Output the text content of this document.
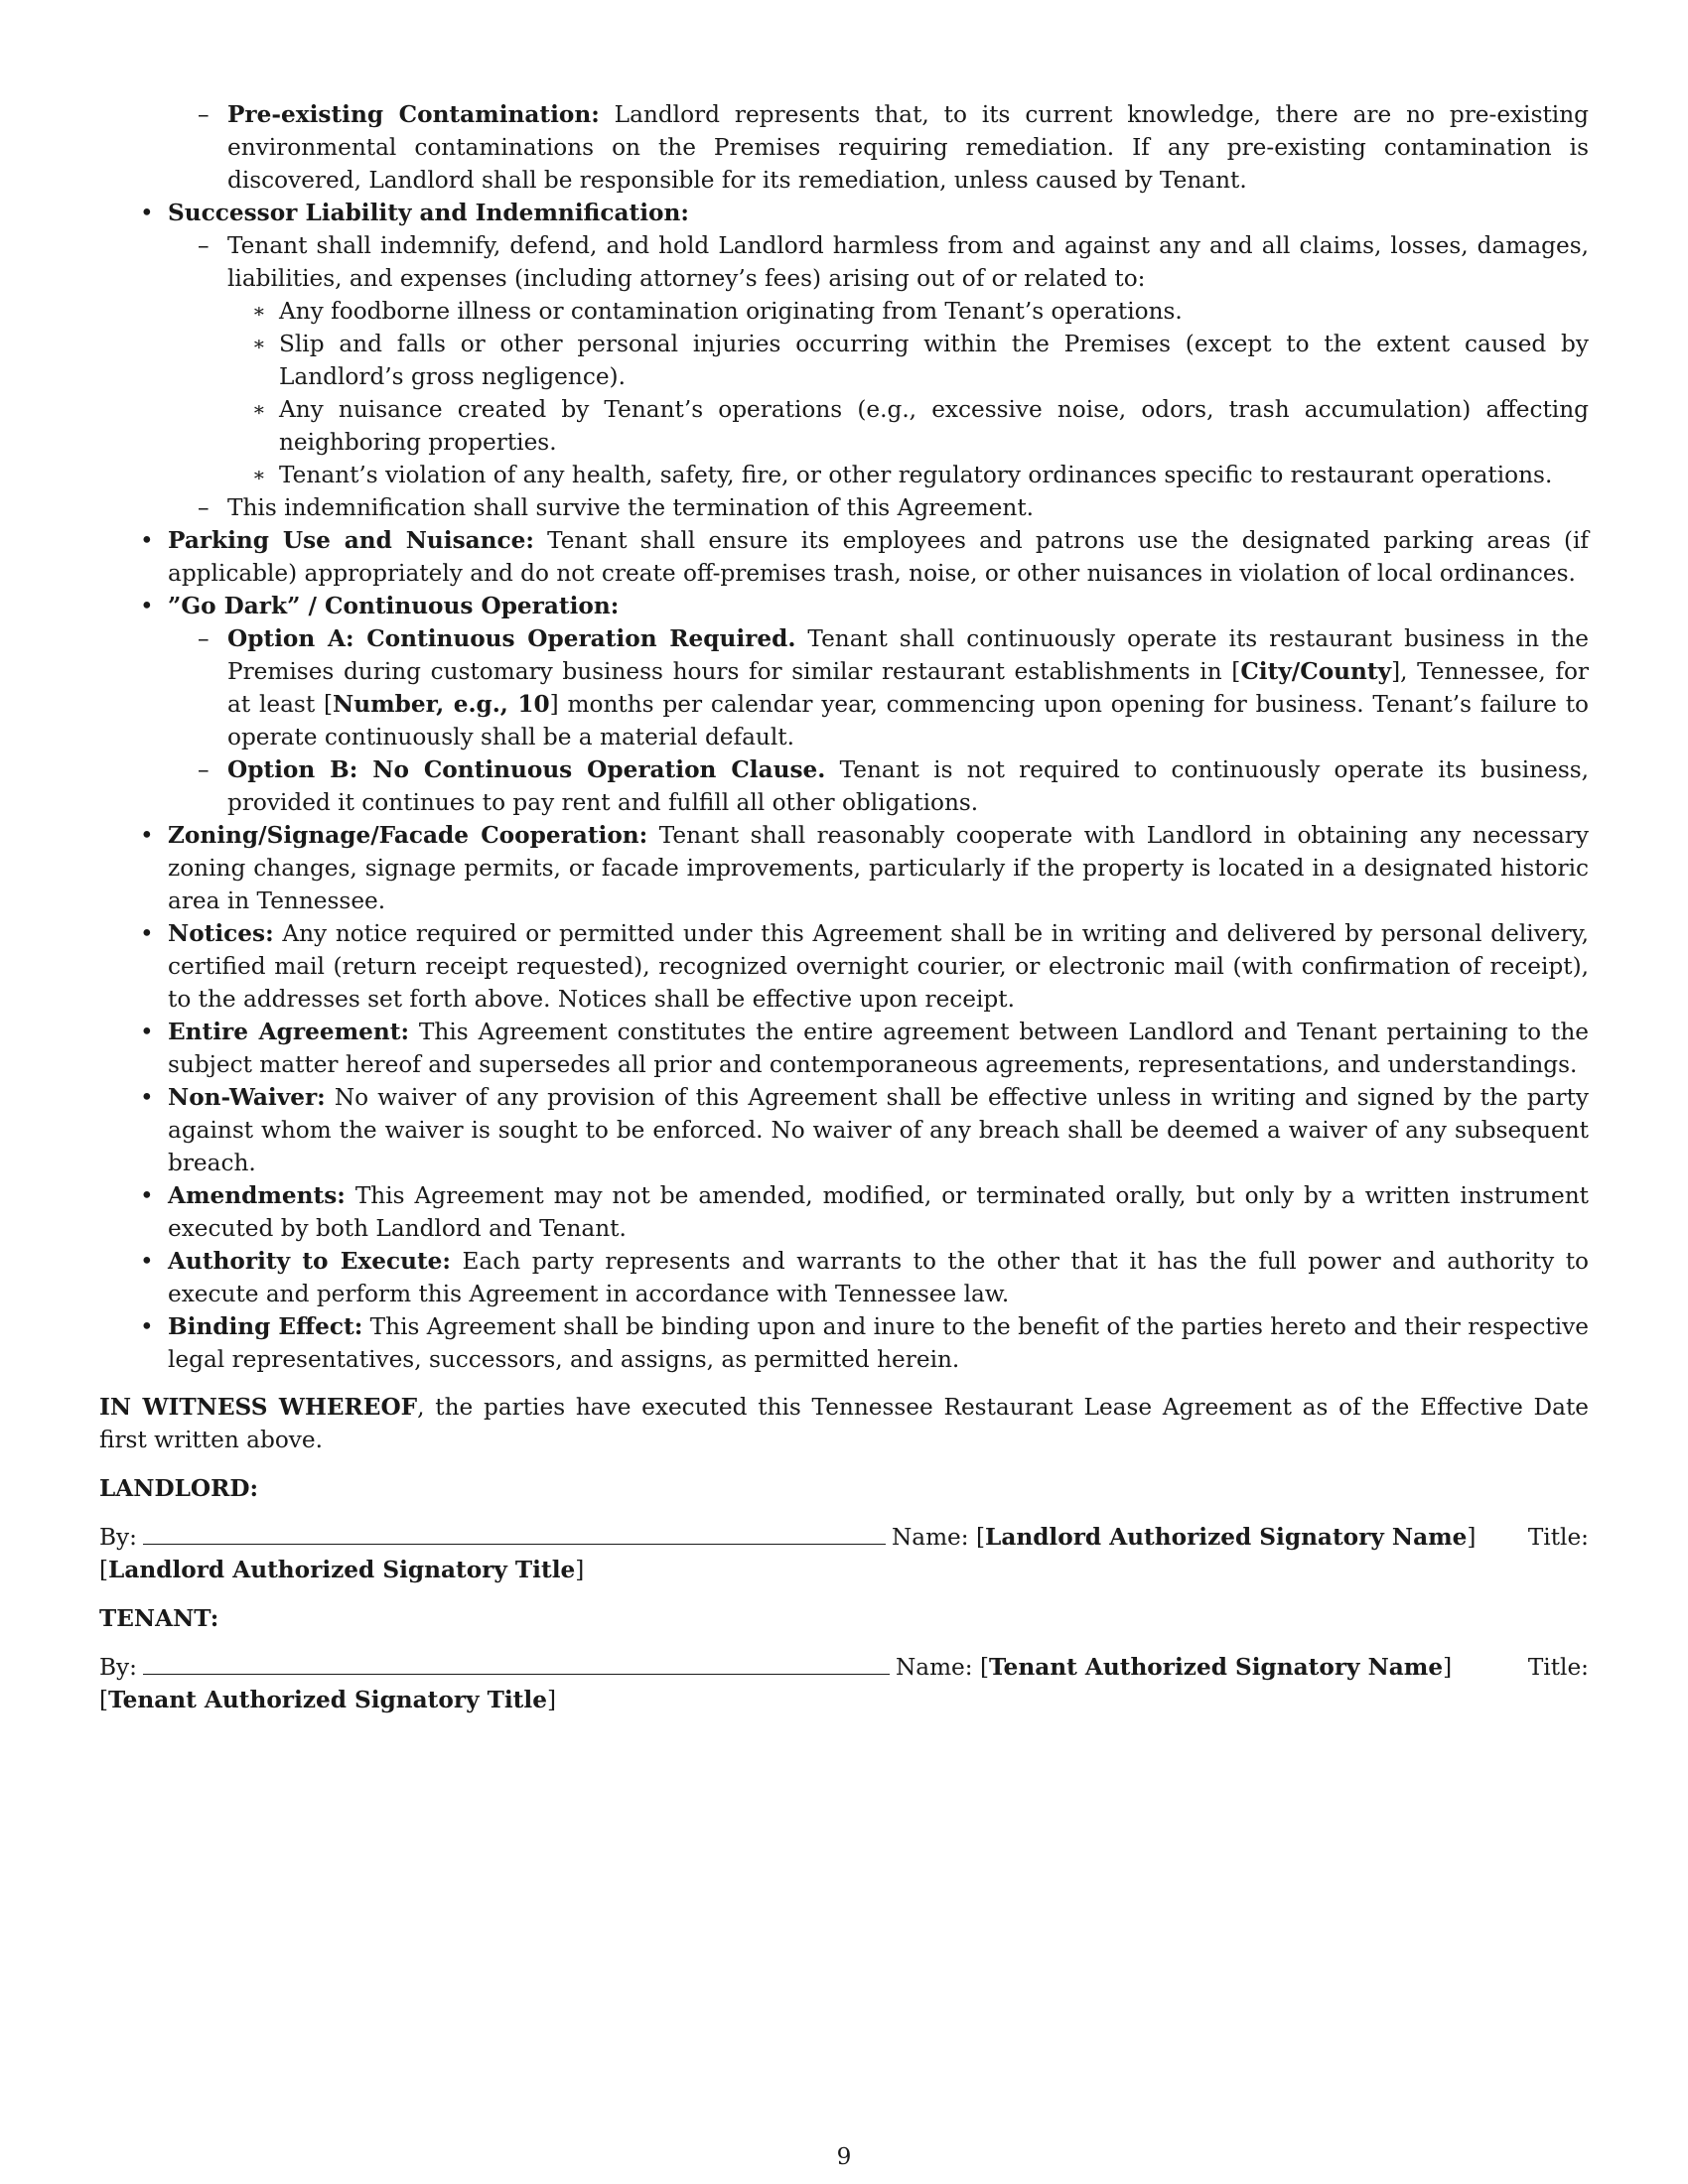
– Pre-existing Contamination: Landlord represents that, to its current knowledge, there are no pre-existing environmental contaminations on the Premises requiring remediation. If any pre-existing contamination is discovered, Landlord shall be responsible for its remediation, unless caused by Tenant.
• Successor Liability and Indemnification:
– Tenant shall indemnify, defend, and hold Landlord harmless from and against any and all claims, losses, damages, liabilities, and expenses (including attorney’s fees) arising out of or related to:
∗ Any foodborne illness or contamination originating from Tenant’s operations.
∗ Slip and falls or other personal injuries occurring within the Premises (except to the extent caused by Landlord’s gross negligence).
∗ Any nuisance created by Tenant’s operations (e.g., excessive noise, odors, trash accumulation) affecting neighboring properties.
∗ Tenant’s violation of any health, safety, fire, or other regulatory ordinances specific to restaurant operations.
– This indemnification shall survive the termination of this Agreement.
• Parking Use and Nuisance: Tenant shall ensure its employees and patrons use the designated parking areas (if applicable) appropriately and do not create off-premises trash, noise, or other nuisances in violation of local ordinances.
• ”Go Dark” / Continuous Operation:
– Option A: Continuous Operation Required. Tenant shall continuously operate its restaurant business in the Premises during customary business hours for similar restaurant establishments in [City/County], Tennessee, for at least [Number, e.g., 10] months per calendar year, commencing upon opening for business. Tenant’s failure to operate continuously shall be a material default.
– Option B: No Continuous Operation Clause. Tenant is not required to continuously operate its business, provided it continues to pay rent and fulfill all other obligations.
• Zoning/Signage/Facade Cooperation: Tenant shall reasonably cooperate with Landlord in obtaining any necessary zoning changes, signage permits, or facade improvements, particularly if the property is located in a designated historic area in Tennessee.
• Notices: Any notice required or permitted under this Agreement shall be in writing and delivered by personal delivery, certified mail (return receipt requested), recognized overnight courier, or electronic mail (with confirmation of receipt), to the addresses set forth above. Notices shall be effective upon receipt.
• Entire Agreement: This Agreement constitutes the entire agreement between Landlord and Tenant pertaining to the subject matter hereof and supersedes all prior and contemporaneous agreements, representations, and understandings.
• Non-Waiver: No waiver of any provision of this Agreement shall be effective unless in writing and signed by the party against whom the waiver is sought to be enforced. No waiver of any breach shall be deemed a waiver of any subsequent breach.
• Amendments: This Agreement may not be amended, modified, or terminated orally, but only by a written instrument executed by both Landlord and Tenant.
• Authority to Execute: Each party represents and warrants to the other that it has the full power and authority to execute and perform this Agreement in accordance with Tennessee law.
• Binding Effect: This Agreement shall be binding upon and inure to the benefit of the parties hereto and their respective legal representatives, successors, and assigns, as permitted herein.
IN WITNESS WHEREOF, the parties have executed this Tennessee Restaurant Lease Agreement as of the Effective Date first written above.
LANDLORD:
By:	Name: [Landlord Authorized Signatory Name] Title:
[Landlord Authorized Signatory Title]
TENANT:
By:	Name: [Tenant Authorized Signatory Name]	Title:
[Tenant Authorized Signatory Title]
9
